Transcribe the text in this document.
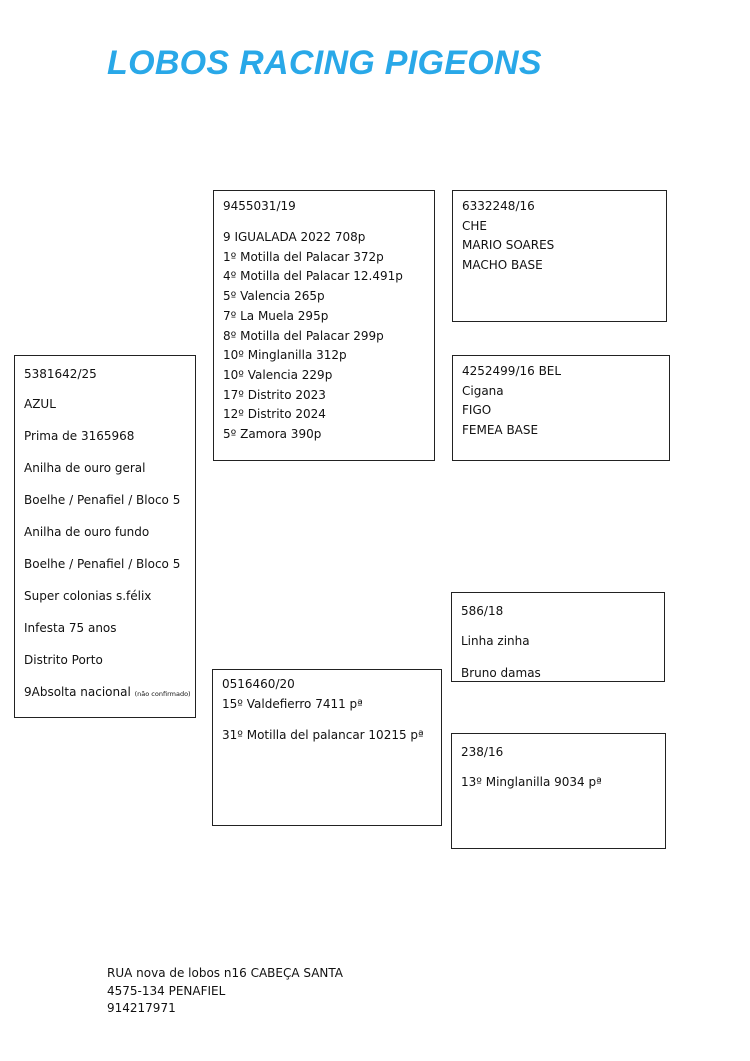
LOBOS RACING PIGEONS
5381642/25
AZUL
Prima de 3165968
Anilha de ouro geral
Boelhe / Penafiel / Bloco 5
Anilha de ouro fundo
Boelhe / Penafiel / Bloco 5
Super colonias s.félix
Infesta 75 anos
Distrito Porto
9Absolta nacional (não confirmado)
9455031/19
9 IGUALADA 2022 708p
1º Motilla del Palacar 372p
4º Motilla del Palacar 12.491p
5º Valencia 265p
7º La Muela 295p
8º Motilla del Palacar 299p
10º Minglanilla 312p
10º Valencia 229p
17º Distrito 2023
12º Distrito 2024
5º Zamora 390p
6332248/16
CHE
MARIO SOARES
MACHO BASE
4252499/16 BEL
Cigana
FIGO
FEMEA BASE
0516460/20
15º Valdefierro 7411 pª
31º Motilla del palancar 10215 pª
586/18
Linha zinha
Bruno damas
238/16
13º Minglanilla 9034 pª
RUA nova de lobos n16 CABEÇA SANTA
4575-134 PENAFIEL
914217971
